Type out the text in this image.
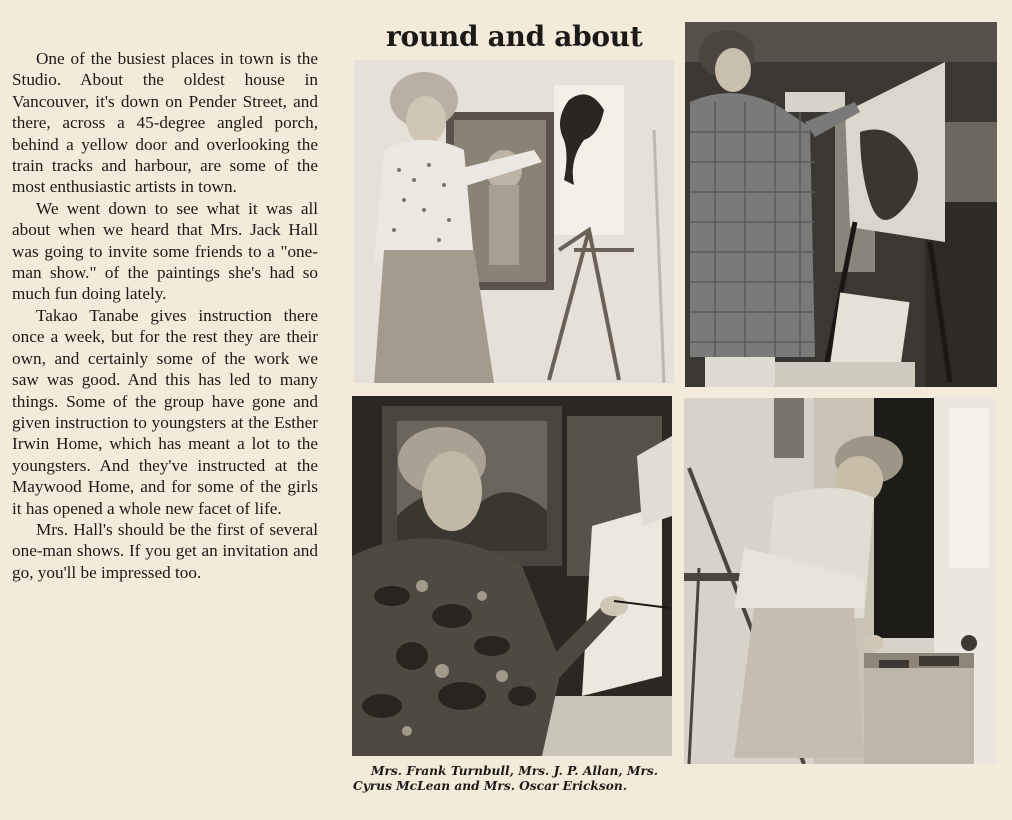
One of the busiest places in town is the Studio. About the oldest house in Vancouver, it's down on Pender Street, and there, across a 45-degree angled porch, behind a yellow door and overlooking the train tracks and harbour, are some of the most enthusiastic artists in town.

We went down to see what it was all about when we heard that Mrs. Jack Hall was going to invite some friends to a "one-man show." of the paintings she's had so much fun doing lately.

Takao Tanabe gives instruction there once a week, but for the rest they are their own, and certainly some of the work we saw was good. And this has led to many things. Some of the group have gone and given instruction to youngsters at the Esther Irwin Home, which has meant a lot to the youngsters. And they've instructed at the Maywood Home, and for some of the girls it has opened a whole new facet of life.

Mrs. Hall's should be the first of several one-man shows. If you get an invitation and go, you'll be impressed too.

round and about
Mrs. Frank Turnbull, Mrs. J. P. Allan, Mrs. Cyrus McLean and Mrs. Oscar Erickson.
